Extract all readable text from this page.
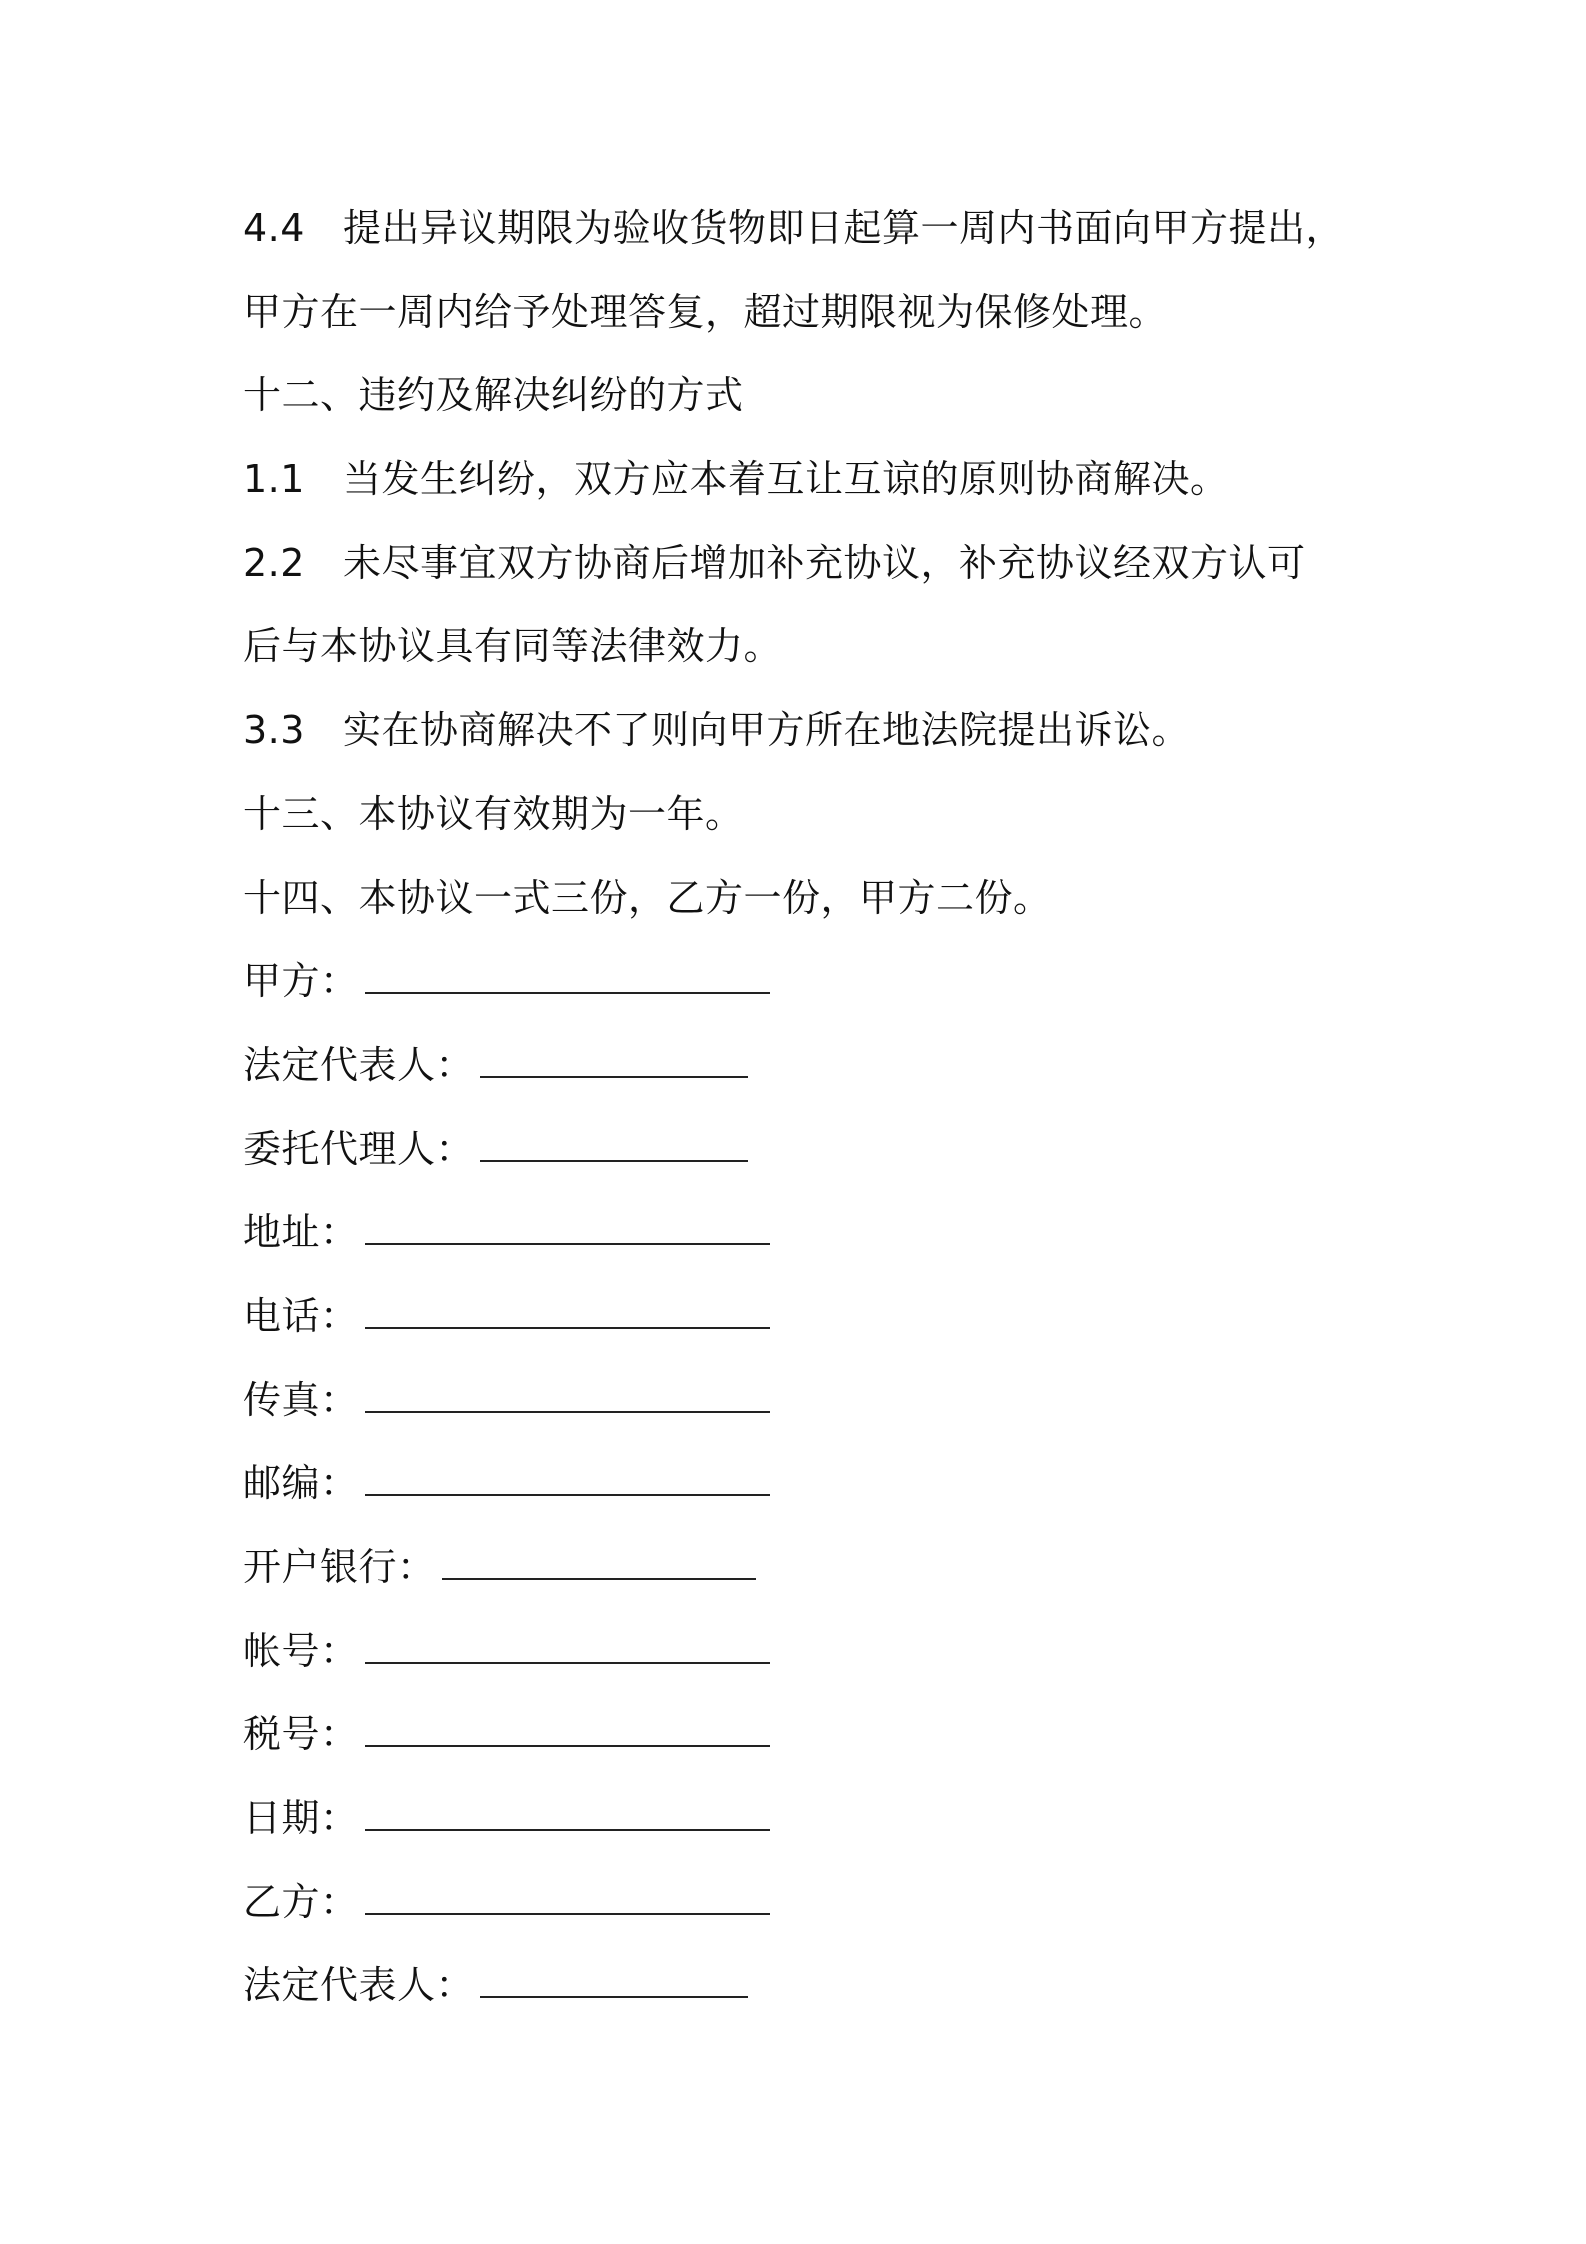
4.4 提出异议期限为验收货物即日起算一周内书面向甲方提出，
甲方在一周内给予处理答复，超过期限视为保修处理。
十二、违约及解决纠纷的方式
1.1 当发生纠纷，双方应本着互让互谅的原则协商解决。
2.2 未尽事宜双方协商后增加补充协议，补充协议经双方认可
后与本协议具有同等法律效力。
3.3 实在协商解决不了则向甲方所在地法院提出诉讼。
十三、本协议有效期为一年。
十四、本协议一式三份，乙方一份，甲方二份。
甲方：
法定代表人：
委托代理人：
地址：
电话：
传真：
邮编：
开户银行：
帐号：
税号：
日期：
乙方：
法定代表人：
